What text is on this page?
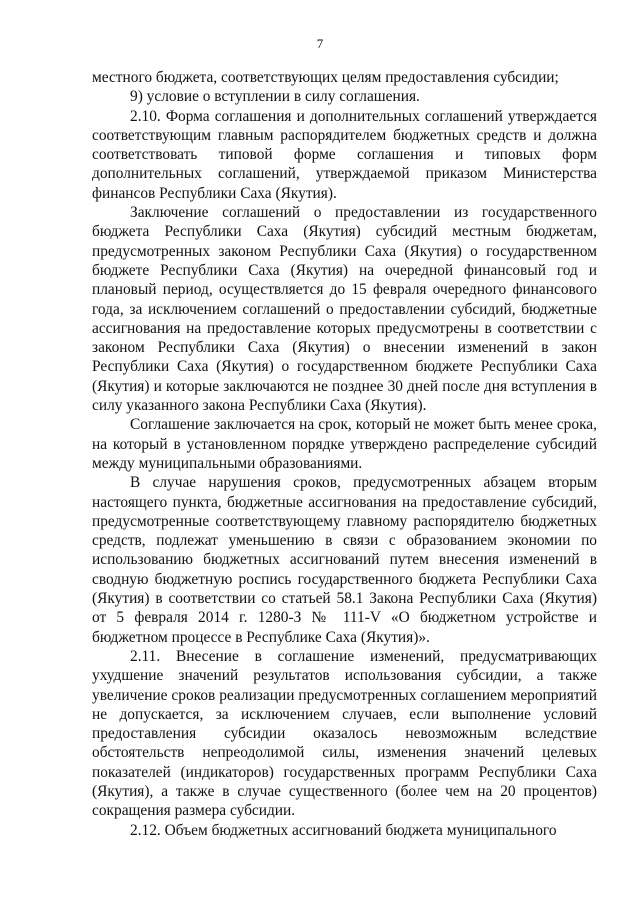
7

местного бюджета, соответствующих целям предоставления субсидии;

9) условие о вступлении в силу соглашения.

2.10. Форма соглашения и дополнительных соглашений утверждается соответствующим главным распорядителем бюджетных средств и должна соответствовать типовой форме соглашения и типовых форм дополнительных соглашений, утверждаемой приказом Министерства финансов Республики Саха (Якутия).

Заключение соглашений о предоставлении из государственного бюджета Республики Саха (Якутия) субсидий местным бюджетам, предусмотренных законом Республики Саха (Якутия) о государственном бюджете Республики Саха (Якутия) на очередной финансовый год и плановый период, осуществляется до 15 февраля очередного финансового года, за исключением соглашений о предоставлении субсидий, бюджетные ассигнования на предоставление которых предусмотрены в соответствии с законом Республики Саха (Якутия) о внесении изменений в закон Республики Саха (Якутия) о государственном бюджете Республики Саха (Якутия) и которые заключаются не позднее 30 дней после дня вступления в силу указанного закона Республики Саха (Якутия).

Соглашение заключается на срок, который не может быть менее срока, на который в установленном порядке утверждено распределение субсидий между муниципальными образованиями.

В случае нарушения сроков, предусмотренных абзацем вторым настоящего пункта, бюджетные ассигнования на предоставление субсидий, предусмотренные соответствующему главному распорядителю бюджетных средств, подлежат уменьшению в связи с образованием экономии по использованию бюджетных ассигнований путем внесения изменений в сводную бюджетную роспись государственного бюджета Республики Саха (Якутия) в соответствии со статьей 58.1 Закона Республики Саха (Якутия) от 5 февраля 2014 г. 1280-З № 111-V «О бюджетном устройстве и бюджетном процессе в Республике Саха (Якутия)».

2.11. Внесение в соглашение изменений, предусматривающих ухудшение значений результатов использования субсидии, а также увеличение сроков реализации предусмотренных соглашением мероприятий не допускается, за исключением случаев, если выполнение условий предоставления субсидии оказалось невозможным вследствие обстоятельств непреодолимой силы, изменения значений целевых показателей (индикаторов) государственных программ Республики Саха (Якутия), а также в случае существенного (более чем на 20 процентов) сокращения размера субсидии.

2.12. Объем бюджетных ассигнований бюджета муниципального
